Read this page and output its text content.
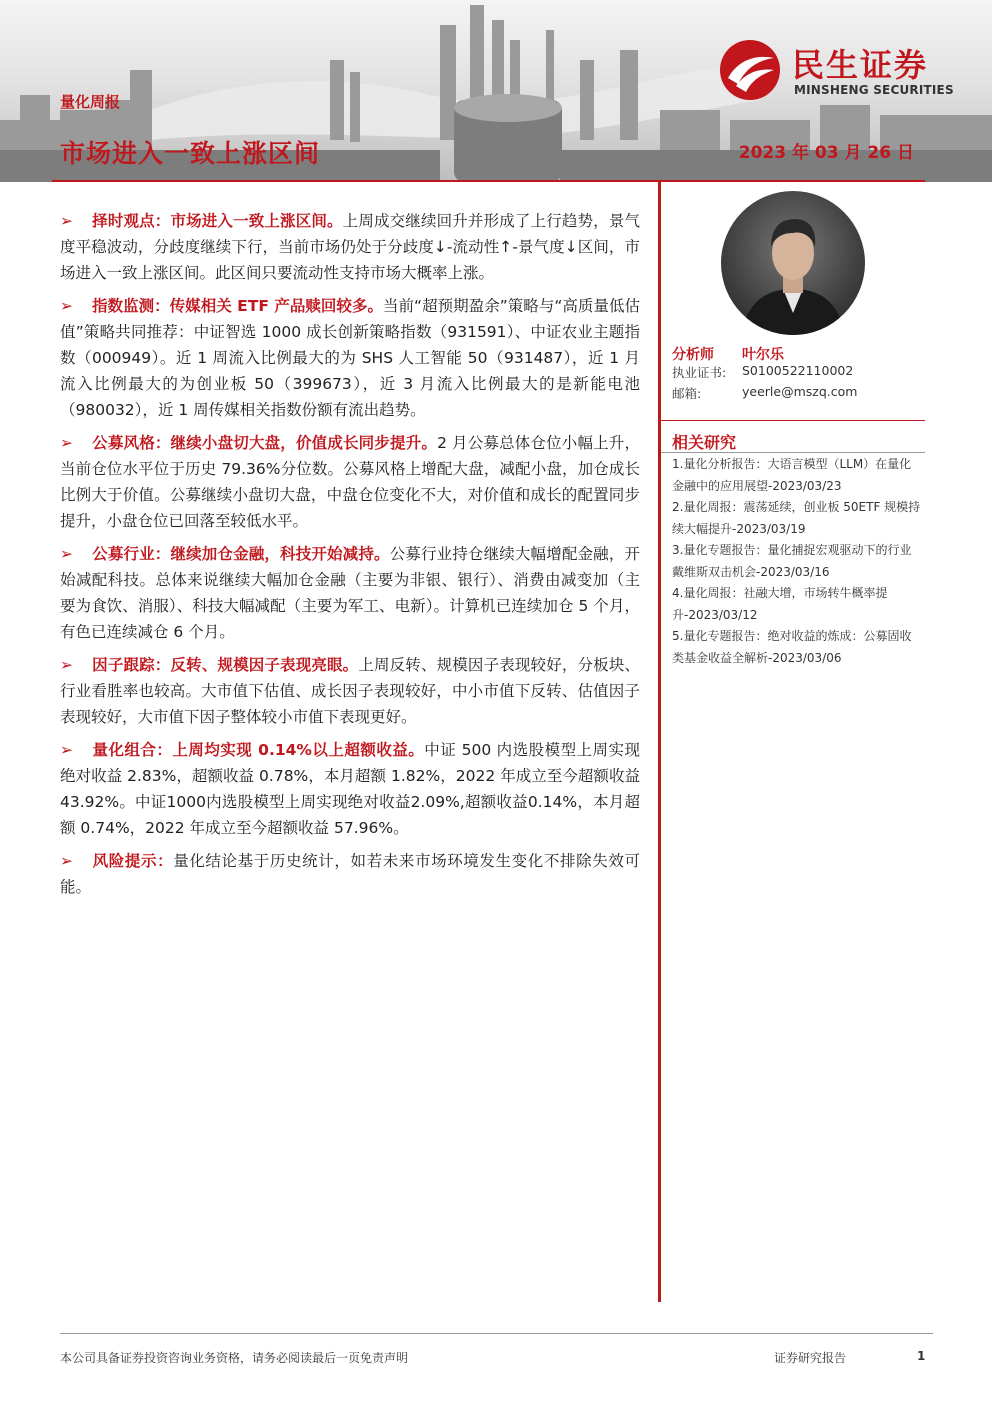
量化周报
市场进入一致上涨区间	2023 年 03 月 26 日
民生证券
MINSHENG SECURITIES

➢ 择时观点：市场进入一致上涨区间。上周成交继续回升并形成了上行趋势，景气度平稳波动，分歧度继续下行，当前市场仍处于分歧度↓-流动性↑-景气度↓区间，市场进入一致上涨区间。此区间只要流动性支持市场大概率上涨。

➢ 指数监测：传媒相关 ETF 产品赎回较多。当前“超预期盈余”策略与“高质量低估值”策略共同推荐：中证智选 1000 成长创新策略指数（931591）、中证农业主题指数（000949）。近 1 周流入比例最大的为 SHS 人工智能 50（931487），近 1 月流入比例最大的为创业板 50（399673），近 3 月流入比例最大的是新能电池（980032），近 1 周传媒相关指数份额有流出趋势。

➢ 公募风格：继续小盘切大盘，价值成长同步提升。2 月公募总体仓位小幅上升，当前仓位水平位于历史 79.36%分位数。公募风格上增配大盘，减配小盘，加仓成长比例大于价值。公募继续小盘切大盘，中盘仓位变化不大，对价值和成长的配置同步提升，小盘仓位已回落至较低水平。

➢ 公募行业：继续加仓金融，科技开始减持。公募行业持仓继续大幅增配金融，开始减配科技。总体来说继续大幅加仓金融（主要为非银、银行）、消费由减变加（主要为食饮、消服）、科技大幅减配（主要为军工、电新）。计算机已连续加仓 5 个月，有色已连续减仓 6 个月。

➢ 因子跟踪：反转、规模因子表现亮眼。上周反转、规模因子表现较好，分板块、行业看胜率也较高。大市值下估值、成长因子表现较好，中小市值下反转、估值因子表现较好，大市值下因子整体较小市值下表现更好。

➢ 量化组合：上周均实现 0.14%以上超额收益。中证 500 内选股模型上周实现绝对收益 2.83%，超额收益 0.78%，本月超额 1.82%，2022 年成立至今超额收益43.92%。中证1000内选股模型上周实现绝对收益2.09%,超额收益0.14%，本月超额 0.74%，2022 年成立至今超额收益 57.96%。

➢ 风险提示：量化结论基于历史统计，如若未来市场环境发生变化不排除失效可能。

分析师 叶尔乐
执业证书: S0100522110002
邮箱:	yeerle@mszq.com
相关研究
1.量化分析报告：大语言模型（LLM）在量化金融中的应用展望-2023/03/23
2.量化周报：震荡延续，创业板 50ETF 规模持续大幅提升-2023/03/19
3.量化专题报告：量化捕捉宏观驱动下的行业戴维斯双击机会-2023/03/16
4.量化周报：社融大增，市场转牛概率提升-2023/03/12
5.量化专题报告：绝对收益的炼成：公募固收类基金收益全解析-2023/03/06
本公司具备证券投资咨询业务资格，请务必阅读最后一页免责声明	证券研究报告	1
